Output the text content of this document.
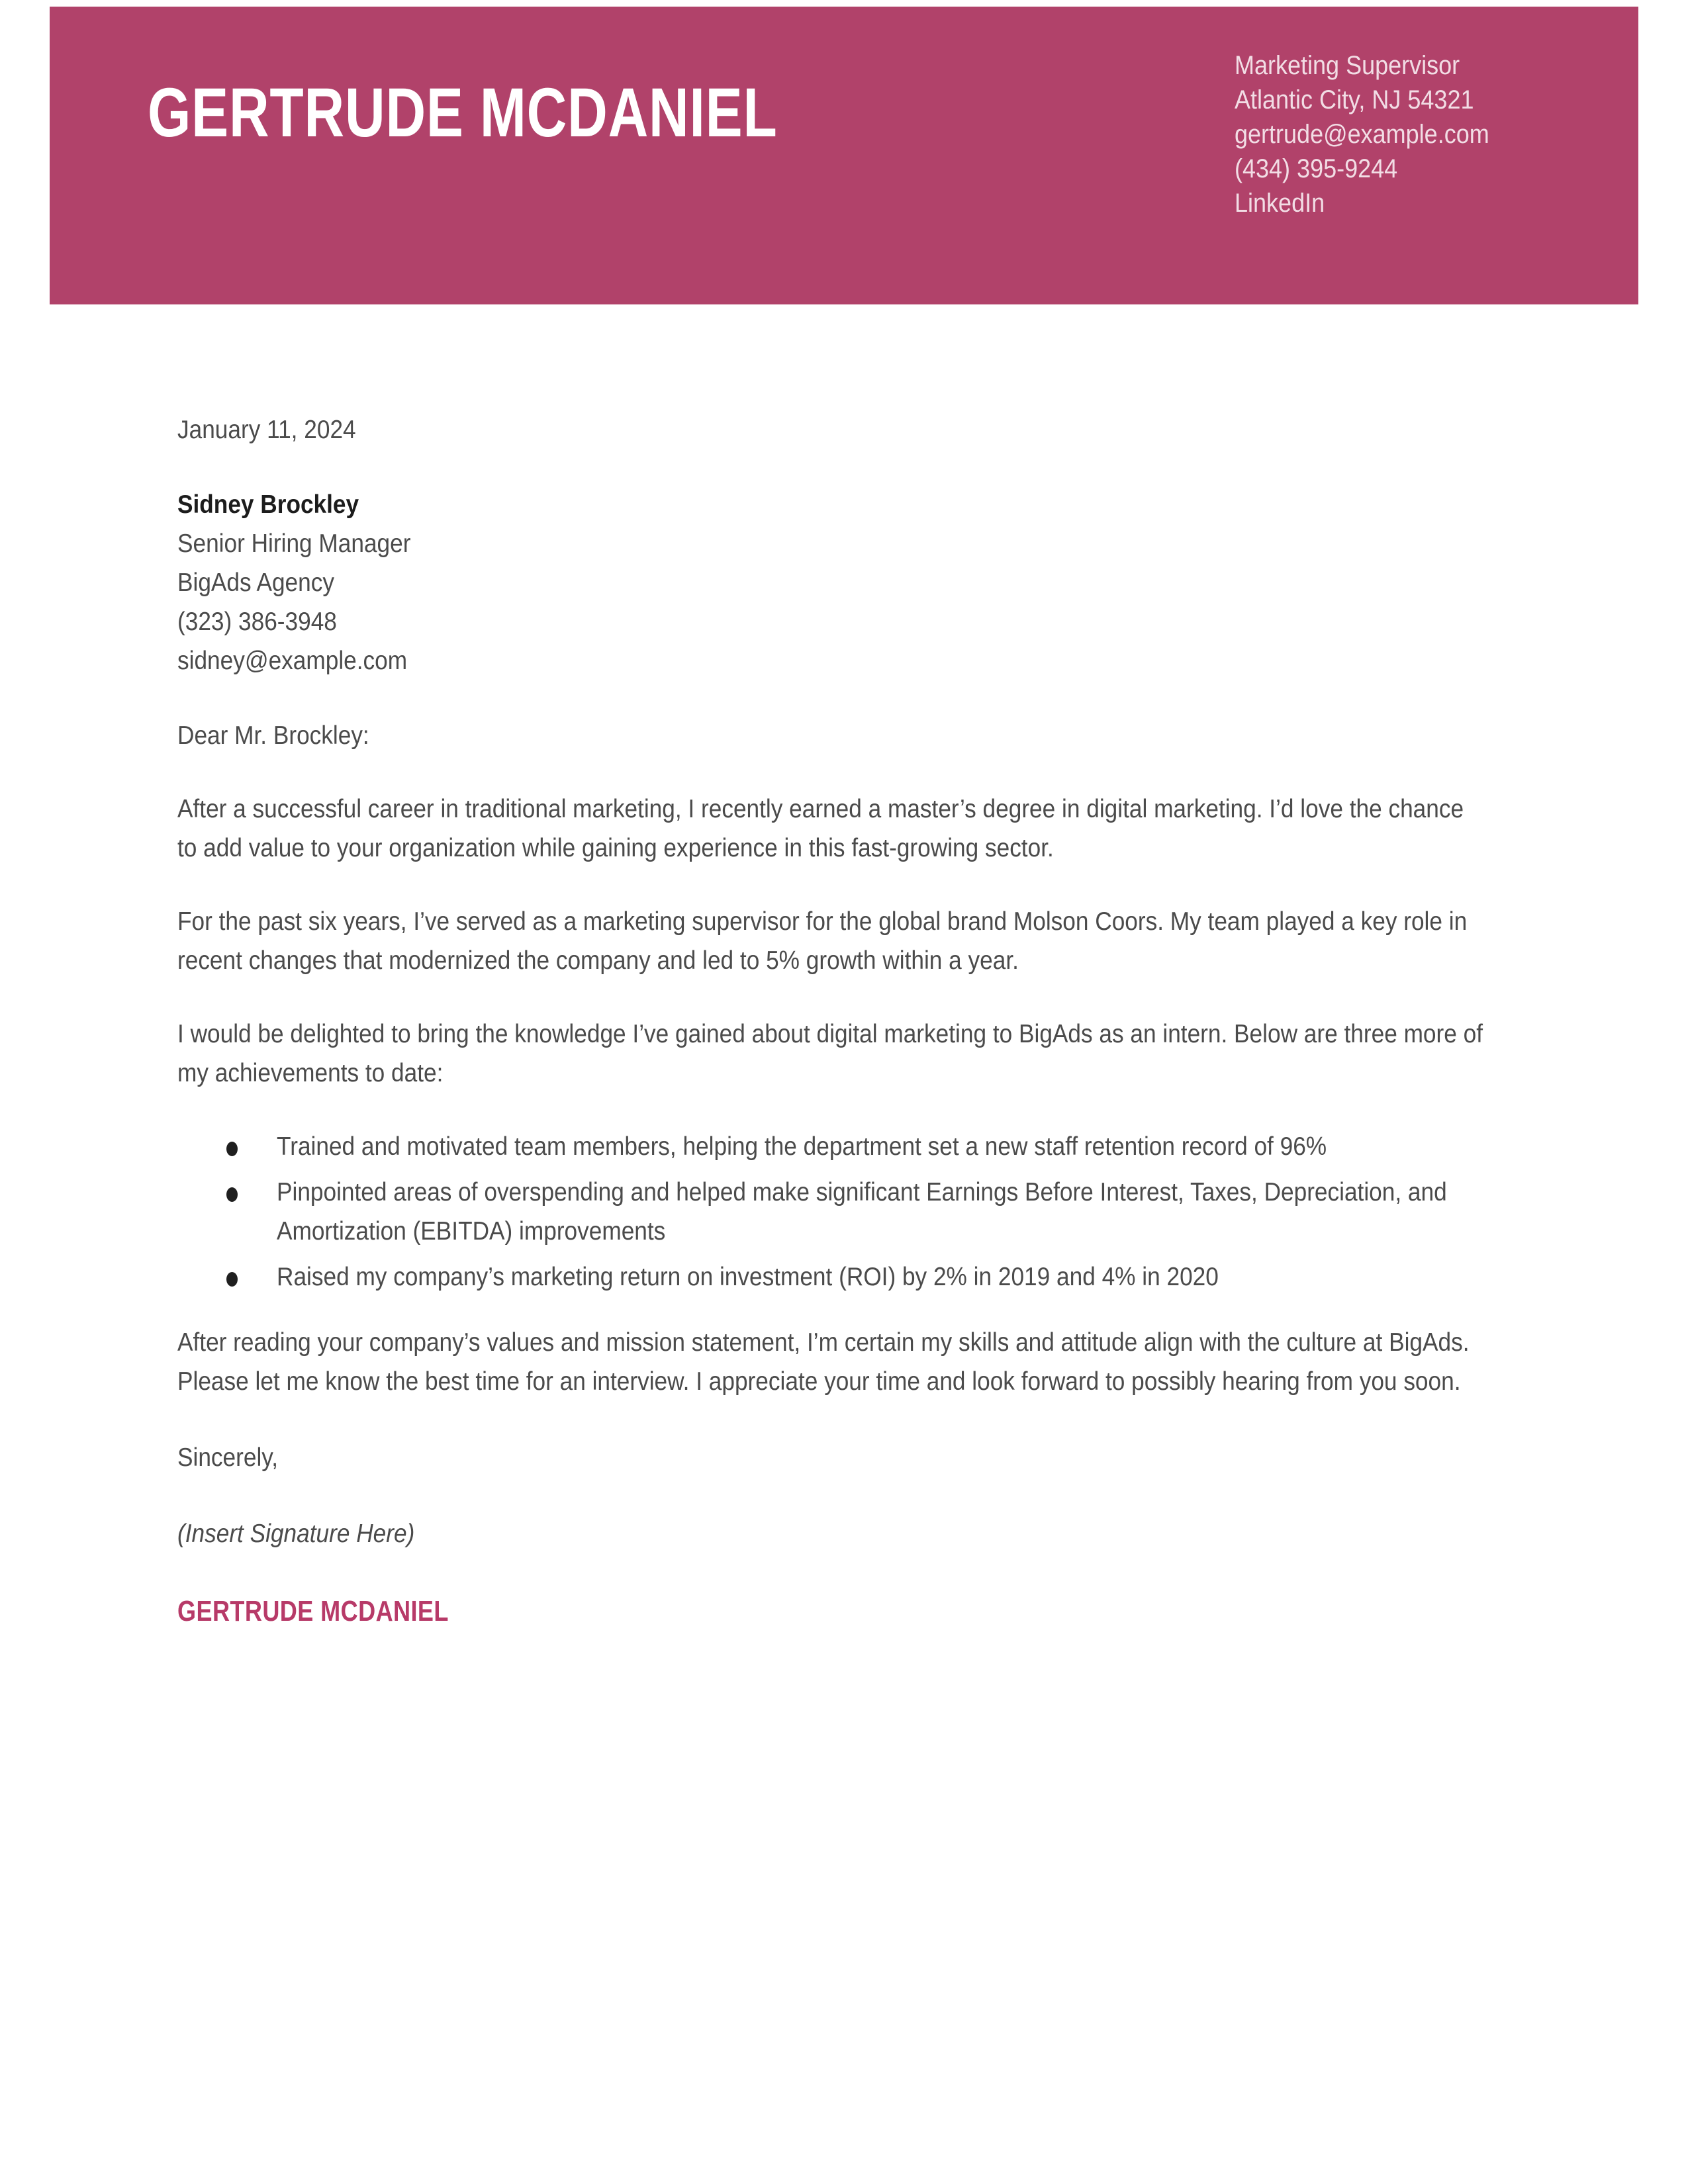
GERTRUDE MCDANIEL
Marketing Supervisor
Atlantic City, NJ 54321
gertrude@example.com
(434) 395-9244
LinkedIn

January 11, 2024

Sidney Brockley
Senior Hiring Manager
BigAds Agency
(323) 386-3948
sidney@example.com

Dear Mr. Brockley:

After a successful career in traditional marketing, I recently earned a master’s degree in digital marketing. I’d love the chance to add value to your organization while gaining experience in this fast-growing sector.

For the past six years, I’ve served as a marketing supervisor for the global brand Molson Coors. My team played a key role in recent changes that modernized the company and led to 5% growth within a year.

I would be delighted to bring the knowledge I’ve gained about digital marketing to BigAds as an intern. Below are three more of my achievements to date:

Trained and motivated team members, helping the department set a new staff retention record of 96%
Pinpointed areas of overspending and helped make significant Earnings Before Interest, Taxes, Depreciation, and Amortization (EBITDA) improvements
Raised my company’s marketing return on investment (ROI) by 2% in 2019 and 4% in 2020

After reading your company’s values and mission statement, I’m certain my skills and attitude align with the culture at BigAds. Please let me know the best time for an interview. I appreciate your time and look forward to possibly hearing from you soon.

Sincerely,

(Insert Signature Here)

GERTRUDE MCDANIEL
